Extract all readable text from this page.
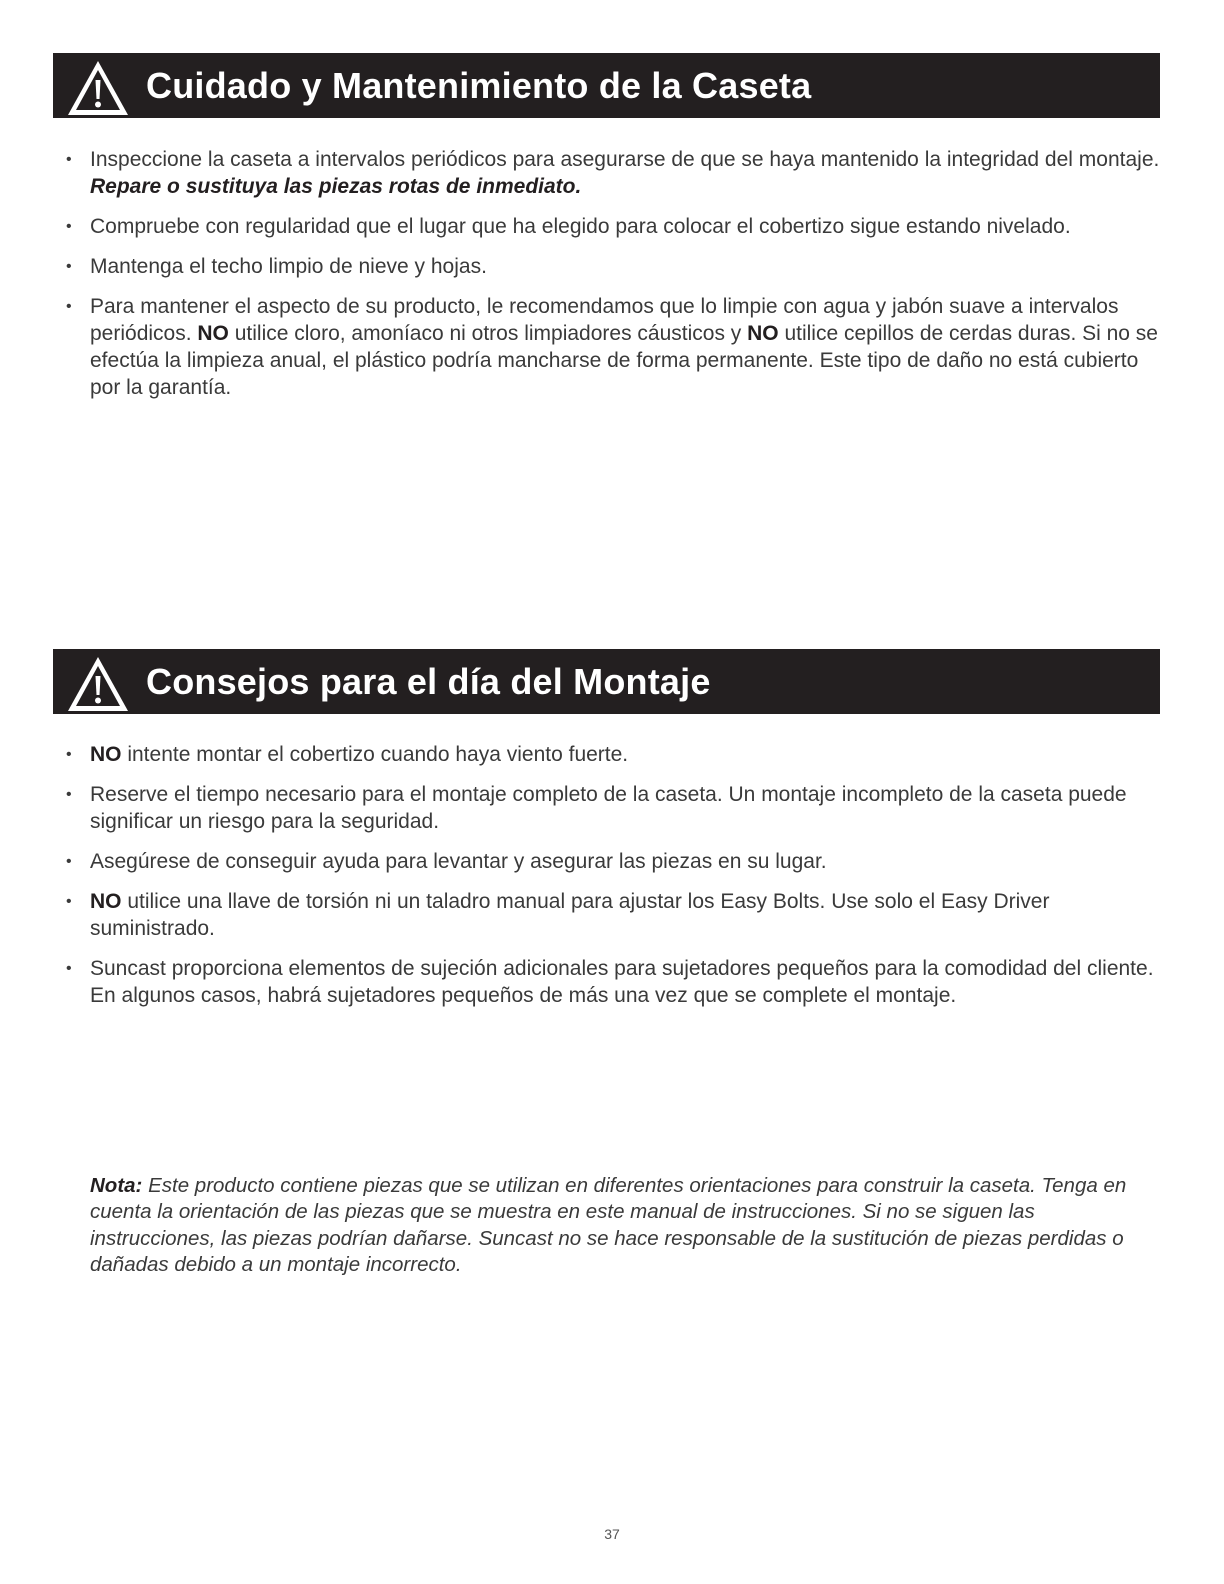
Cuidado y Mantenimiento de la Caseta
• Inspeccione la caseta a intervalos periódicos para asegurarse de que se haya mantenido la integridad del montaje. Repare o sustituya las piezas rotas de inmediato.
• Compruebe con regularidad que el lugar que ha elegido para colocar el cobertizo sigue estando nivelado.
• Mantenga el techo limpio de nieve y hojas.
• Para mantener el aspecto de su producto, le recomendamos que lo limpie con agua y jabón suave a intervalos periódicos. NO utilice cloro, amoníaco ni otros limpiadores cáusticos y NO utilice cepillos de cerdas duras. Si no se efectúa la limpieza anual, el plástico podría mancharse de forma permanente. Este tipo de daño no está cubierto por la garantía.
Consejos para el día del Montaje
• NO intente montar el cobertizo cuando haya viento fuerte.
• Reserve el tiempo necesario para el montaje completo de la caseta. Un montaje incompleto de la caseta puede significar un riesgo para la seguridad.
• Asegúrese de conseguir ayuda para levantar y asegurar las piezas en su lugar.
• NO utilice una llave de torsión ni un taladro manual para ajustar los Easy Bolts. Use solo el Easy Driver suministrado.
• Suncast proporciona elementos de sujeción adicionales para sujetadores pequeños para la comodidad del cliente. En algunos casos, habrá sujetadores pequeños de más una vez que se complete el montaje.

Nota: Este producto contiene piezas que se utilizan en diferentes orientaciones para construir la caseta. Tenga en cuenta la orientación de las piezas que se muestra en este manual de instrucciones. Si no se siguen las instrucciones, las piezas podrían dañarse. Suncast no se hace responsable de la sustitución de piezas perdidas o dañadas debido a un montaje incorrecto.

37
